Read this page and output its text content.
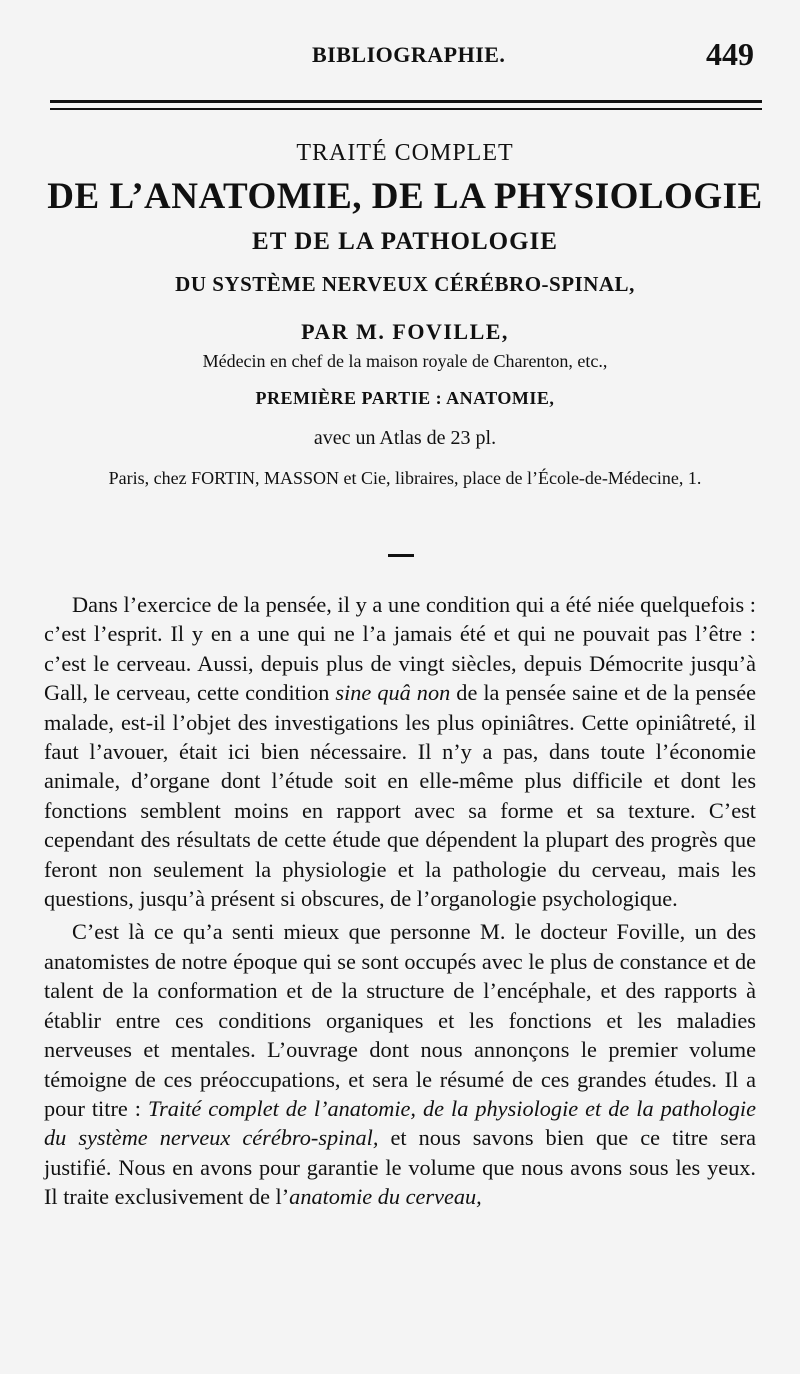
BIBLIOGRAPHIE.	449
TRAITÉ COMPLET
DE L’ANATOMIE, DE LA PHYSIOLOGIE
ET DE LA PATHOLOGIE
DU SYSTÈME NERVEUX CÉRÉBRO-SPINAL,
PAR M. FOVILLE,
Médecin en chef de la maison royale de Charenton, etc.,
PREMIÈRE PARTIE : ANATOMIE,
avec un Atlas de 23 pl.
Paris, chez FORTIN, MASSON et Cie, libraires, place de l’École-de-Médecine, 1.

Dans l’exercice de la pensée, il y a une condition qui a été niée quelquefois : c’est l’esprit. Il y en a une qui ne l’a jamais été et qui ne pouvait pas l’être : c’est le cerveau. Aussi, depuis plus de vingt siècles, depuis Démocrite jusqu’à Gall, le cerveau, cette condition sine quâ non de la pensée saine et de la pensée malade, est-il l’objet des investigations les plus opiniâtres. Cette opiniâtreté, il faut l’avouer, était ici bien nécessaire. Il n’y a pas, dans toute l’économie animale, d’organe dont l’étude soit en elle-même plus difficile et dont les fonctions semblent moins en rapport avec sa forme et sa texture. C’est cependant des résultats de cette étude que dépendent la plupart des progrès que feront non seulement la physiologie et la pathologie du cerveau, mais les questions, jusqu’à présent si obscures, de l’organologie psychologique.

C’est là ce qu’a senti mieux que personne M. le docteur Foville, un des anatomistes de notre époque qui se sont occupés avec le plus de constance et de talent de la conformation et de la structure de l’encéphale, et des rapports à établir entre ces conditions organiques et les fonctions et les maladies nerveuses et mentales. L’ouvrage dont nous annonçons le premier volume témoigne de ces préoccupations, et sera le résumé de ces grandes études. Il a pour titre : Traité complet de l’anatomie, de la physiologie et de la pathologie du système nerveux cérébro-spinal, et nous savons bien que ce titre sera justifié. Nous en avons pour garantie le volume que nous avons sous les yeux. Il traite exclusivement de l’anatomie du cerveau,
